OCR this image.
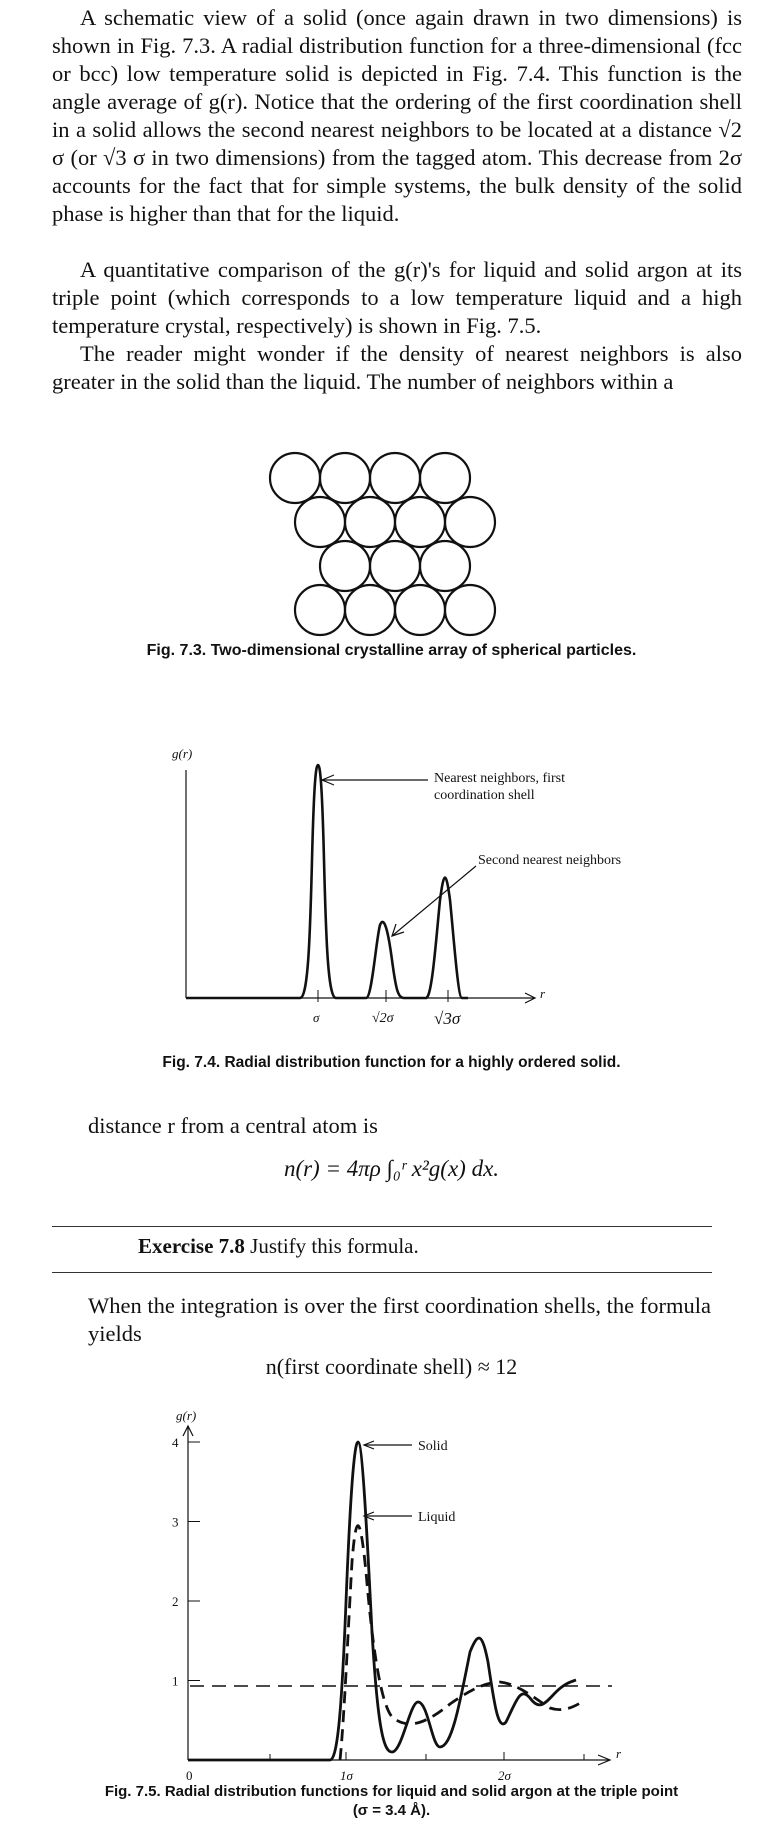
A schematic view of a solid (once again drawn in two dimensions) is shown in Fig. 7.3. A radial distribution function for a three-dimensional (fcc or bcc) low temperature solid is depicted in Fig. 7.4. This function is the angle average of g(r). Notice that the ordering of the first coordination shell in a solid allows the second nearest neighbors to be located at a distance √2 σ (or √3 σ in two dimensions) from the tagged atom. This decrease from 2σ accounts for the fact that for simple systems, the bulk density of the solid phase is higher than that for the liquid.

A quantitative comparison of the g(r)'s for liquid and solid argon at its triple point (which corresponds to a low temperature liquid and a high temperature crystal, respectively) is shown in Fig. 7.5.

The reader might wonder if the density of nearest neighbors is also greater in the solid than the liquid. The number of neighbors within a

Fig. 7.3. Two-dimensional crystalline array of spherical particles.
g(r)
r
σ	√2σ √3σ
Nearest neighbors, first
coordination shell
Second nearest neighbors
Fig. 7.4. Radial distribution function for a highly ordered solid.

distance r from a central atom is

n(r) = 4πρ ∫₀ʳ x²g(x) dx.
Exercise 7.8 Justify this formula.

When the integration is over the first coordination shells, the formula yields

n(first coordinate shell) ≈ 12
g(r)
r
1
2
3
4
0	1σ	2σ
Solid
Liquid
Fig. 7.5. Radial distribution functions for liquid and solid argon at the triple point
(σ = 3.4 Å).
